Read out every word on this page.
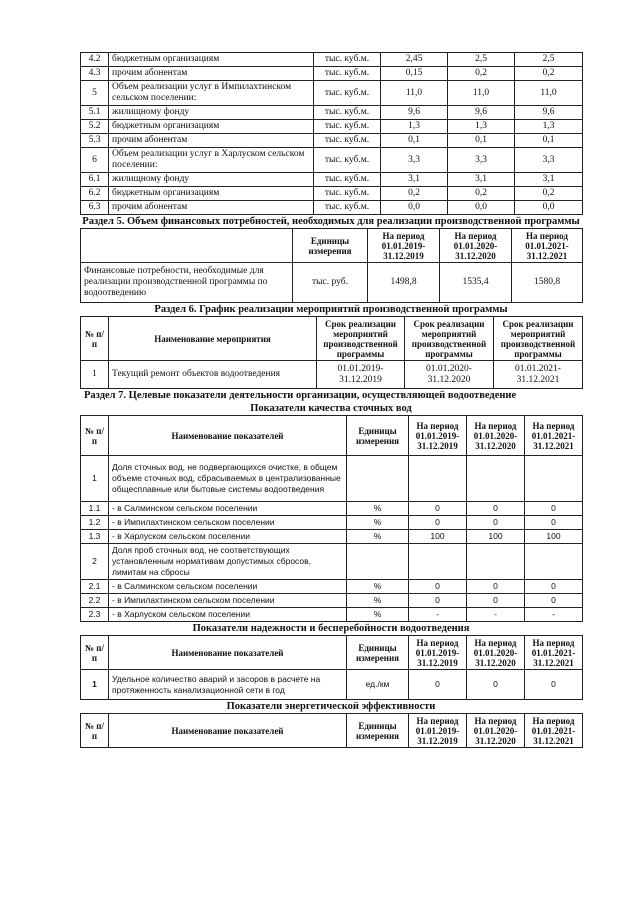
4.2	бюджетным организациям	тыс. куб.м.	2,45	2,5	2,5
4.3	прочим абонентам	тыс. куб.м.	0,15	0,2	0,2
5	Объем реализации услуг в Импилахтинском сельском поселении:	тыс. куб.м.	11,0	11,0	11,0
5.1	жилищному фонду	тыс. куб.м.	9,6	9,6	9,6
5.2	бюджетным организациям	тыс. куб.м.	1,3	1,3	1,3
5.3	прочим абонентам	тыс. куб.м.	0,1	0,1	0,1
6	Объем реализации услуг в Харлуском сельском поселении:	тыс. куб.м.	3,3	3,3	3,3
6.1	жилищному фонду	тыс. куб.м.	3,1	3,1	3,1
6.2	бюджетным организациям	тыс. куб.м.	0,2	0,2	0,2
6.3	прочим абонентам	тыс. куб.м.	0,0	0,0	0,0
Раздел 5. Объем финансовых потребностей, необходимых для реализации производственной программы
	Единицы измерения	На период 01.01.2019- 31.12.2019	На период 01.01.2020- 31.12.2020	На период 01.01.2021- 31.12.2021
Финансовые потребности, необходимые для реализации производственной программы по водоотведению	тыс. руб.	1498,8	1535,4	1580,8
Раздел 6. График реализации мероприятий производственной программы
№ п/п	Наименование мероприятия	Срок реализации мероприятий производственной программы	Срок реализации мероприятий производственной программы	Срок реализации мероприятий производственной программы
1	Текущий ремонт объектов водоотведения	01.01.2019- 31.12.2019	01.01.2020- 31.12.2020	01.01.2021- 31.12.2021
Раздел 7. Целевые показатели деятельности организации, осуществляющей водоотведение
Показатели качества сточных вод
№ п/п	Наименование показателей	Единицы измерения	На период 01.01.2019- 31.12.2019	На период 01.01.2020- 31.12.2020	На период 01.01.2021- 31.12.2021
1	Доля сточных вод, не подвергающихся очистке, в общем объеме сточных вод, сбрасываемых в централизованные общесплавные или бытовые системы водоотведения				
1.1	- в Салминском сельском поселении	%	0	0	0
1.2	- в Импилахтинском сельском поселении	%	0	0	0
1.3	- в Харлуском сельском поселении	%	100	100	100
2	Доля проб сточных вод, не соответствующих установленным нормативам допустимых сбросов, лимитам на сбросы				
2.1	- в Салминском сельском поселении	%	0	0	0
2.2	- в Импилахтинском сельском поселении	%	0	0	0
2.3	- в Харлуском сельском поселении	%	-	-	-
Показатели надежности и бесперебойности водоотведения
№ п/п	Наименование показателей	Единицы измерения	На период 01.01.2019- 31.12.2019	На период 01.01.2020- 31.12.2020	На период 01.01.2021- 31.12.2021
1	Удельное количество аварий и засоров в расчете на протяженность канализационной сети в год	ед./км	0	0	0
Показатели энергетической эффективности
№ п/п	Наименование показателей	Единицы измерения	На период 01.01.2019- 31.12.2019	На период 01.01.2020- 31.12.2020	На период 01.01.2021- 31.12.2021
